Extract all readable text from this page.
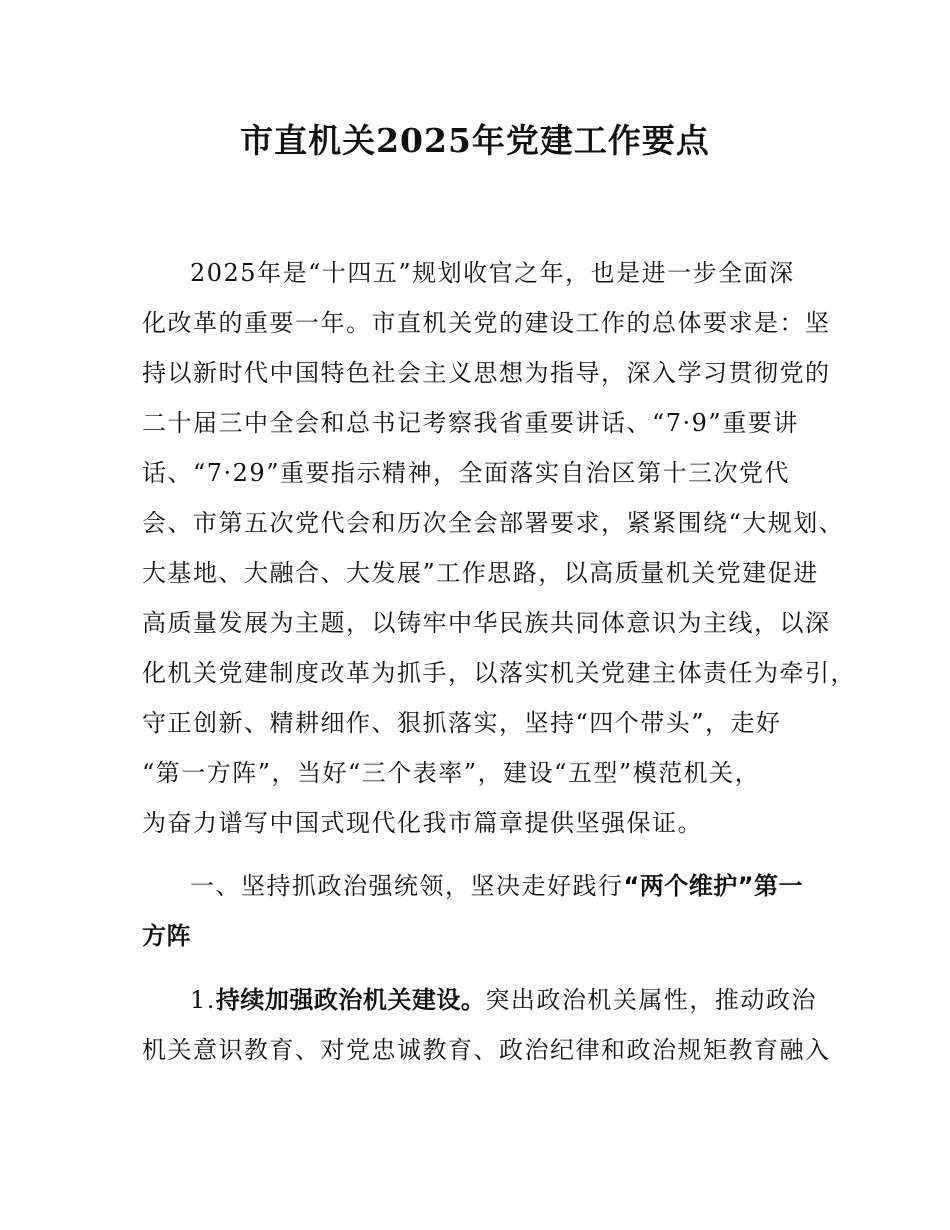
市直机关2025年党建工作要点
2025年是“十四五”规划收官之年，也是进一步全面深
化改革的重要一年。市直机关党的建设工作的总体要求是：坚
持以新时代中国特色社会主义思想为指导，深入学习贯彻党的
二十届三中全会和总书记考察我省重要讲话、“7·9”重要讲
话、“7·29”重要指示精神，全面落实自治区第十三次党代
会、市第五次党代会和历次全会部署要求，紧紧围绕“大规划、
大基地、大融合、大发展”工作思路，以高质量机关党建促进
高质量发展为主题，以铸牢中华民族共同体意识为主线，以深
化机关党建制度改革为抓手，以落实机关党建主体责任为牵引，
守正创新、精耕细作、狠抓落实，坚持“四个带头”，走好
“第一方阵”，当好“三个表率”，建设“五型”模范机关，
为奋力谱写中国式现代化我市篇章提供坚强保证。
一、坚持抓政治强统领，坚决走好践行“两个维护”第一
方阵
1.持续加强政治机关建设。突出政治机关属性，推动政治
机关意识教育、对党忠诚教育、政治纪律和政治规矩教育融入
